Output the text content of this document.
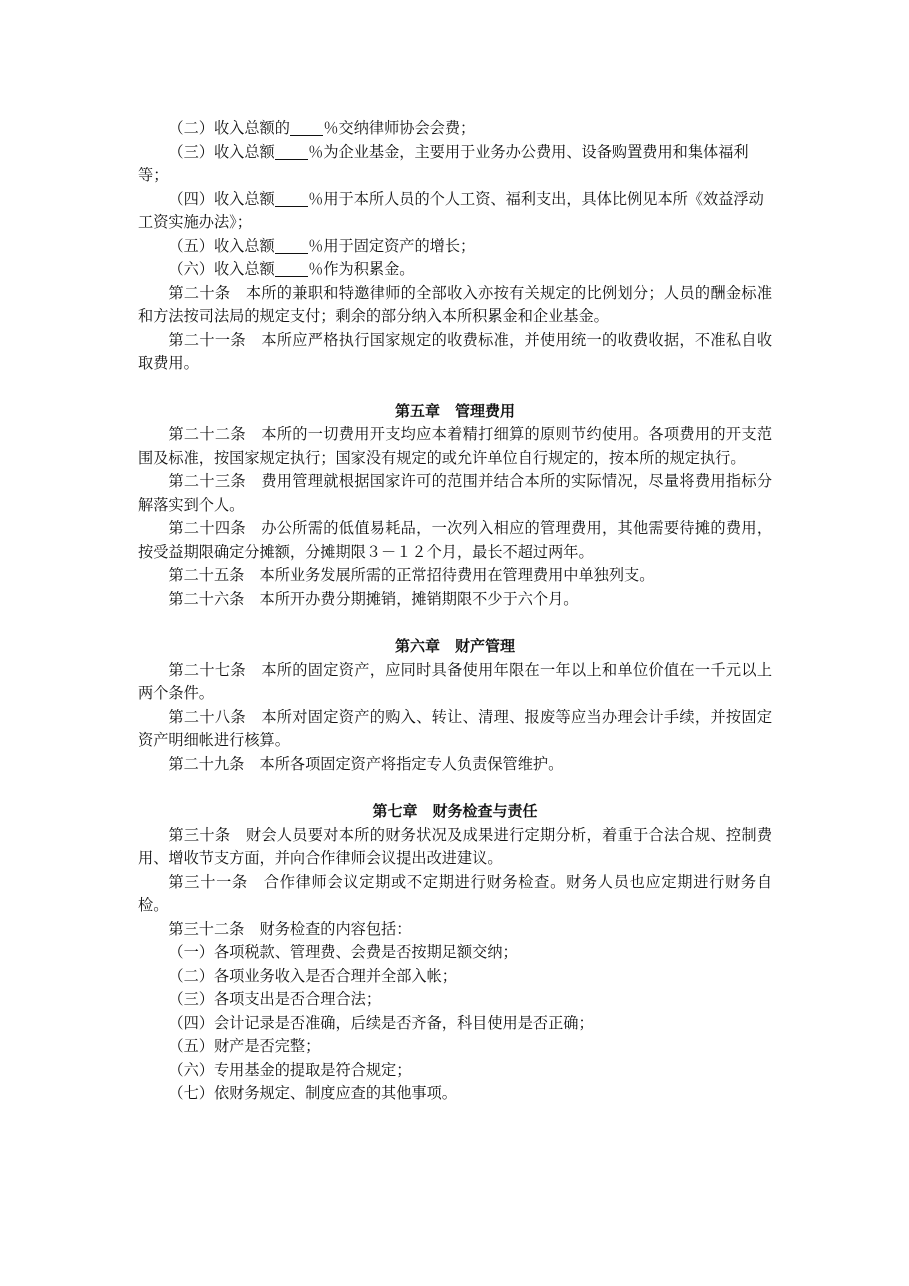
（二）收入总额的 ％交纳律师协会会费；

（三）收入总额 ％为企业基金，主要用于业务办公费用、设备购置费用和集体福利等；

（四）收入总额 ％用于本所人员的个人工资、福利支出，具体比例见本所《效益浮动工资实施办法》；

（五）收入总额 ％用于固定资产的增长；

（六）收入总额 ％作为积累金。

第二十条 本所的兼职和特邀律师的全部收入亦按有关规定的比例划分；人员的酬金标准和方法按司法局的规定支付；剩余的部分纳入本所积累金和企业基金。

第二十一条 本所应严格执行国家规定的收费标准，并使用统一的收费收据，不准私自收取费用。

第五章　管理费用

第二十二条 本所的一切费用开支均应本着精打细算的原则节约使用。各项费用的开支范围及标准，按国家规定执行；国家没有规定的或允许单位自行规定的，按本所的规定执行。

第二十三条 费用管理就根据国家许可的范围并结合本所的实际情况，尽量将费用指标分解落实到个人。

第二十四条 办公所需的低值易耗品，一次列入相应的管理费用，其他需要待摊的费用，按受益期限确定分摊额，分摊期限３－１２个月，最长不超过两年。

第二十五条 本所业务发展所需的正常招待费用在管理费用中单独列支。

第二十六条 本所开办费分期摊销，摊销期限不少于六个月。

第六章　财产管理

第二十七条 本所的固定资产，应同时具备使用年限在一年以上和单位价值在一千元以上两个条件。

第二十八条 本所对固定资产的购入、转让、清理、报废等应当办理会计手续，并按固定资产明细帐进行核算。

第二十九条 本所各项固定资产将指定专人负责保管维护。

第七章　财务检查与责任

第三十条 财会人员要对本所的财务状况及成果进行定期分析，着重于合法合规、控制费用、增收节支方面，并向合作律师会议提出改进建议。

第三十一条 合作律师会议定期或不定期进行财务检查。财务人员也应定期进行财务自检。

第三十二条 财务检查的内容包括：

（一）各项税款、管理费、会费是否按期足额交纳；

（二）各项业务收入是否合理并全部入帐；

（三）各项支出是否合理合法；

（四）会计记录是否准确，后续是否齐备，科目使用是否正确；

（五）财产是否完整；

（六）专用基金的提取是符合规定；

（七）依财务规定、制度应查的其他事项。
